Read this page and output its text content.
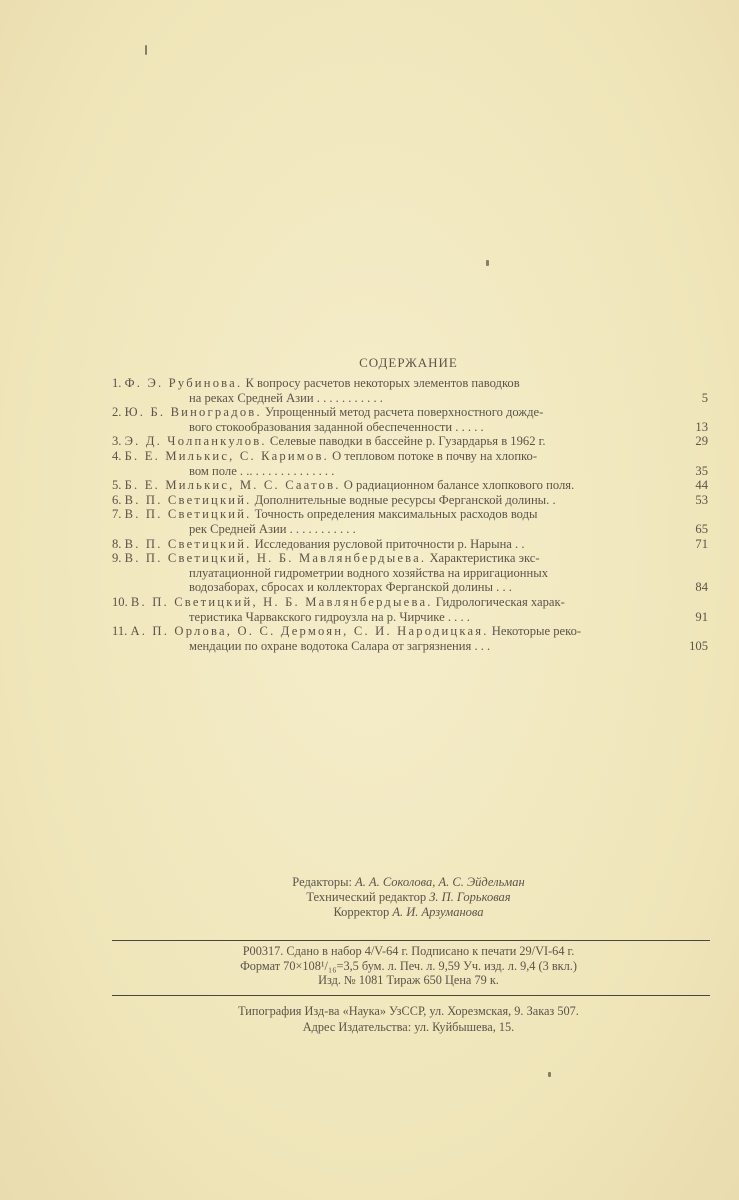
СОДЕРЖАНИЕ
1. Ф. Э. Рубинова. К вопросу расчетов некоторых элементов паводков
на реках Средней Азии . . . . . . . . . . .	5
2. Ю. Б. Виноградов. Упрощенный метод расчета поверхностного дожде-
вого стокообразования заданной обеспеченности . . . . .	13
3. Э. Д. Чолпанкулов. Селевые паводки в бассейне р. Гузардарья в 1962 г.	29
4. Б. Е. Милькис, С. Каримов. О тепловом потоке в почву на хлопко-
вом поле . .. . . . . . . . . . . . . .	35
5. Б. Е. Милькис, М. С. Саатов. О радиационном балансе хлопкового поля.	44
6. В. П. Светицкий. Дополнительные водные ресурсы Ферганской долины. .	53
7. В. П. Светицкий. Точность определения максимальных расходов воды
рек Средней Азии . . . . . . . . . . .	65
8. В. П. Светицкий. Исследования русловой приточности р. Нарына . .	71
9. В. П. Светицкий, Н. Б. Мавлянбердыева. Характеристика экс-
плуатационной гидрометрии водного хозяйства на ирригационных
водозаборах, сбросах и коллекторах Ферганской долины . . .	84
10. В. П. Светицкий, Н. Б. Мавлянбердыева. Гидрологическая харак-
теристика Чарвакского гидроузла на р. Чирчике . . . .	91
11. А. П. Орлова, О. С. Дермоян, С. И. Народицкая. Некоторые реко-
мендации по охране водотока Салара от загрязнения . . .	105
Редакторы: А. А. Соколова, А. С. Эйдельман
Технический редактор З. П. Горьковая
Корректор А. И. Арзуманова
Р00317. Сдано в набор 4/V-64 г. Подписано к печати 29/VI-64 г.
Формат 70×108¹/₁₆=3,5 бум. л. Печ. л. 9,59 Уч. изд. л. 9,4 (3 вкл.)
Изд. № 1081 Тираж 650 Цена 79 к.
Типография Изд-ва «Наука» УзССР, ул. Хорезмская, 9. Заказ 507.
Адрес Издательства: ул. Куйбышева, 15.
